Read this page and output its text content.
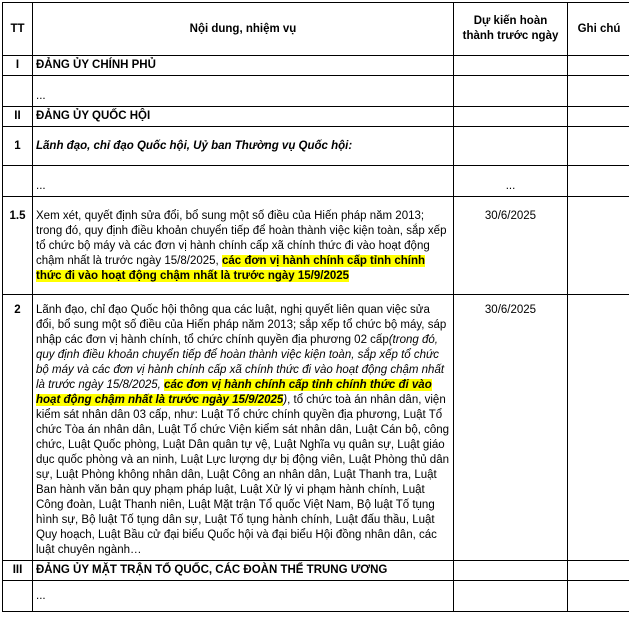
TT	Nội dung, nhiệm vụ	Dự kiến hoàn thành trước ngày	Ghi chú
I	ĐẢNG ỦY CHÍNH PHỦ		
	...		
II	ĐẢNG ỦY QUỐC HỘI		
1	Lãnh đạo, chỉ đạo Quốc hội, Uỷ ban Thường vụ Quốc hội:		
	...	...	
1.5	Xem xét, quyết định sửa đổi, bổ sung một số điều của Hiến pháp năm 2013; trong đó, quy định điều khoản chuyển tiếp để hoàn thành việc kiện toàn, sắp xếp tổ chức bộ máy và các đơn vị hành chính cấp xã chính thức đi vào hoạt động chậm nhất là trước ngày 15/8/2025, các đơn vị hành chính cấp tỉnh chính thức đi vào hoạt động chậm nhất là trước ngày 15/9/2025	30/6/2025	
2	Lãnh đạo, chỉ đạo Quốc hội thông qua các luật, nghị quyết liên quan việc sửa đổi, bổ sung một số điều của Hiến pháp năm 2013; sắp xếp tổ chức bộ máy, sáp nhập các đơn vị hành chính, tổ chức chính quyền địa phương 02 cấp(trong đó, quy định điều khoản chuyển tiếp để hoàn thành việc kiện toàn, sắp xếp tổ chức bộ máy và các đơn vị hành chính cấp xã chính thức đi vào hoạt động chậm nhất là trước ngày 15/8/2025, các đơn vị hành chính cấp tỉnh chính thức đi vào hoạt động chậm nhất là trước ngày 15/9/2025), tổ chức toà án nhân dân, viện kiểm sát nhân dân 03 cấp, như: Luật Tổ chức chính quyền địa phương, Luật Tổ chức Tòa án nhân dân, Luật Tổ chức Viện kiểm sát nhân dân, Luật Cán bộ, công chức, Luật Quốc phòng, Luật Dân quân tự vệ, Luật Nghĩa vụ quân sự, Luật giáo dục quốc phòng và an ninh, Luật Lực lượng dự bị động viên, Luật Phòng thủ dân sự, Luật Phòng không nhân dân, Luật Công an nhân dân, Luật Thanh tra, Luật Ban hành văn bản quy phạm pháp luật, Luật Xử lý vi phạm hành chính, Luật Công đoàn, Luật Thanh niên, Luật Mặt trận Tổ quốc Việt Nam, Bộ luật Tố tụng hình sự, Bộ luật Tố tụng dân sự, Luật Tố tụng hành chính, Luật đấu thầu, Luật Quy hoạch, Luật Bầu cử đại biểu Quốc hội và đại biểu Hội đồng nhân dân, các luật chuyên ngành…	30/6/2025	
III	ĐẢNG ỦY MẶT TRẬN TỔ QUỐC, CÁC ĐOÀN THỂ TRUNG ƯƠNG		
	...		
